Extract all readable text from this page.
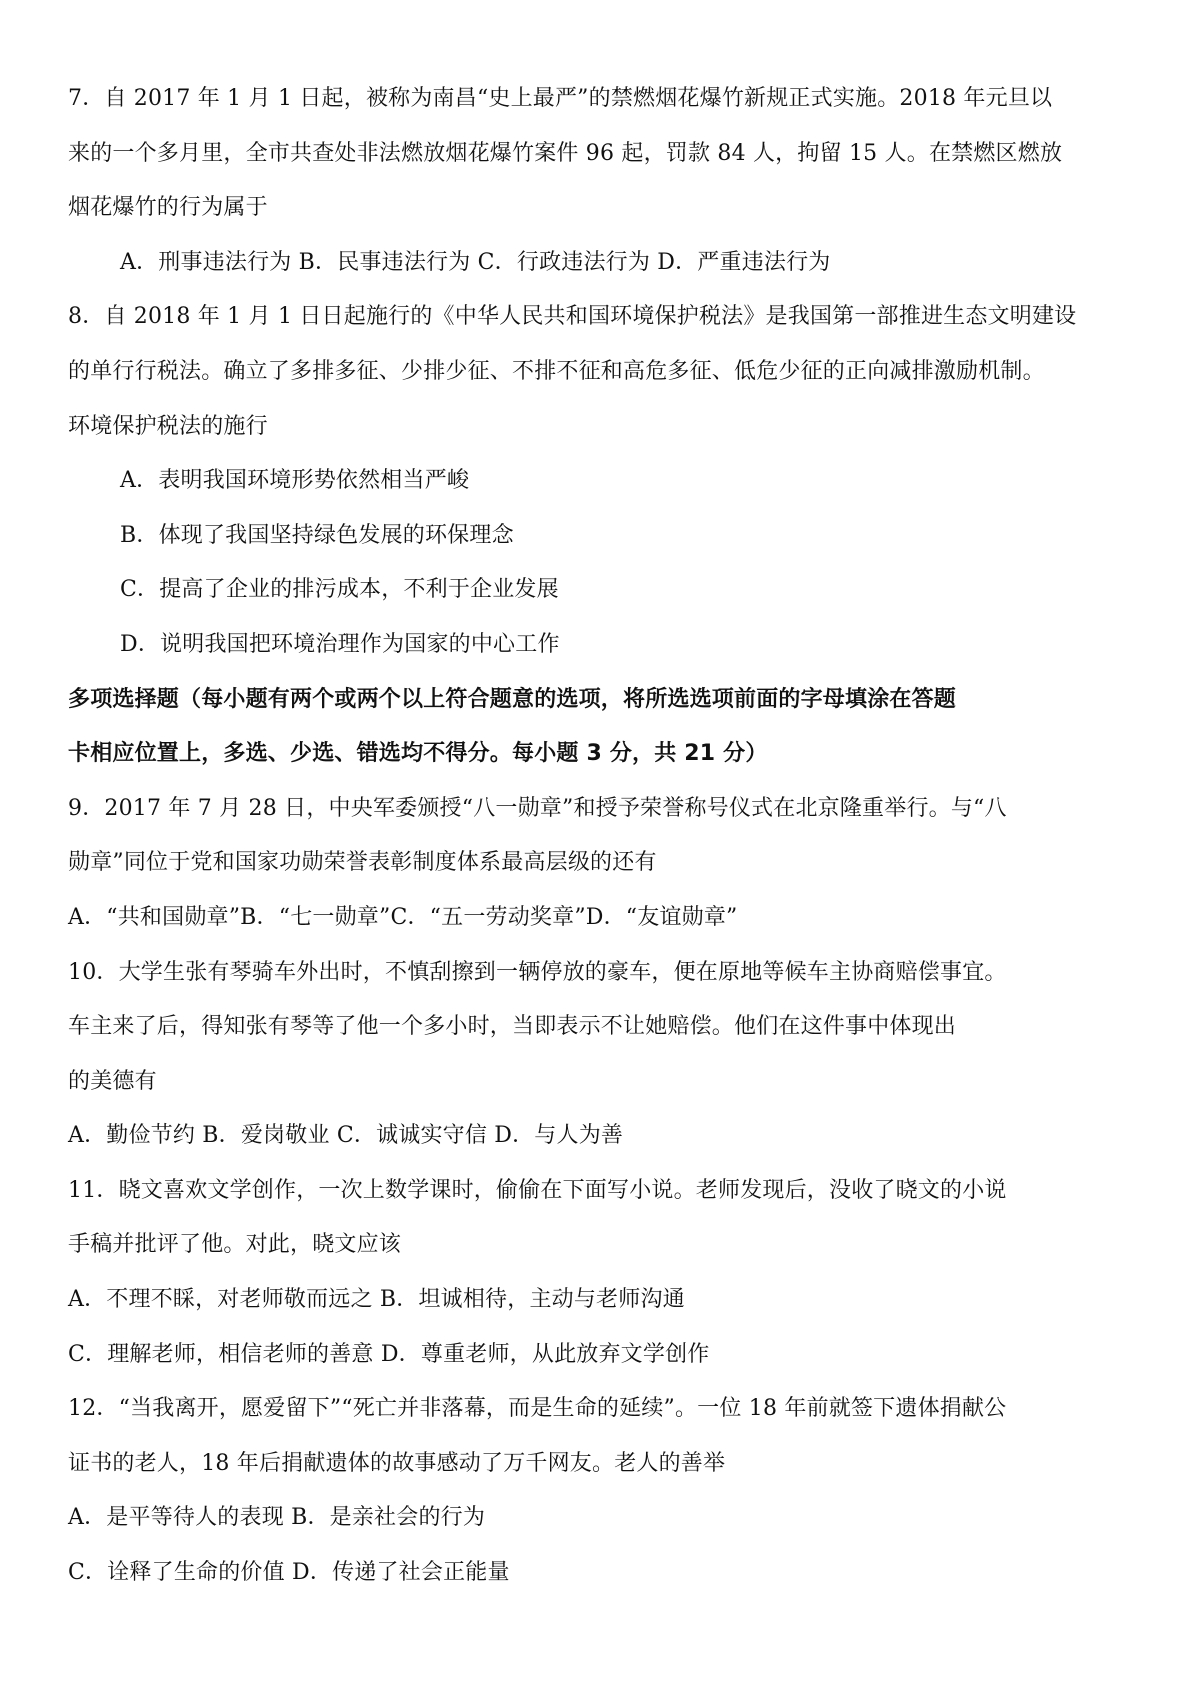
7．自 2017 年 1 月 1 日起，被称为南昌“史上最严”的禁燃烟花爆竹新规正式实施。2018 年元旦以
来的一个多月里，全市共查处非法燃放烟花爆竹案件 96 起，罚款 84 人，拘留 15 人。在禁燃区燃放
烟花爆竹的行为属于
A．刑事违法行为 B．民事违法行为 C．行政违法行为 D．严重违法行为
8．自 2018 年 1 月 1 日日起施行的《中华人民共和国环境保护税法》是我国第一部推进生态文明建设
的单行行税法。确立了多排多征、少排少征、不排不征和高危多征、低危少征的正向减排激励机制。
环境保护税法的施行
A．表明我国环境形势依然相当严峻
B．体现了我国坚持绿色发展的环保理念
C．提高了企业的排污成本，不利于企业发展
D．说明我国把环境治理作为国家的中心工作
多项选择题（每小题有两个或两个以上符合题意的选项，将所选选项前面的字母填涂在答题
卡相应位置上，多选、少选、错选均不得分。每小题 3 分，共 21 分）
9．2017 年 7 月 28 日，中央军委颁授“八一勋章”和授予荣誉称号仪式在北京隆重举行。与“八
勋章”同位于党和国家功勋荣誉表彰制度体系最高层级的还有
A．“共和国勋章”B．“七一勋章”C．“五一劳动奖章”D．“友谊勋章”
10．大学生张有琴骑车外出时，不慎刮擦到一辆停放的豪车，便在原地等候车主协商赔偿事宜。
车主来了后，得知张有琴等了他一个多小时，当即表示不让她赔偿。他们在这件事中体现出
的美德有
A．勤俭节约 B．爱岗敬业 C．诚诚实守信 D．与人为善
11．晓文喜欢文学创作，一次上数学课时，偷偷在下面写小说。老师发现后，没收了晓文的小说
手稿并批评了他。对此，晓文应该
A．不理不睬，对老师敬而远之 B．坦诚相待，主动与老师沟通
C．理解老师，相信老师的善意 D．尊重老师，从此放弃文学创作
12．“当我离开，愿爱留下”“死亡并非落幕，而是生命的延续”。一位 18 年前就签下遗体捐献公
证书的老人，18 年后捐献遗体的故事感动了万千网友。老人的善举
A．是平等待人的表现 B．是亲社会的行为
C．诠释了生命的价值 D．传递了社会正能量
